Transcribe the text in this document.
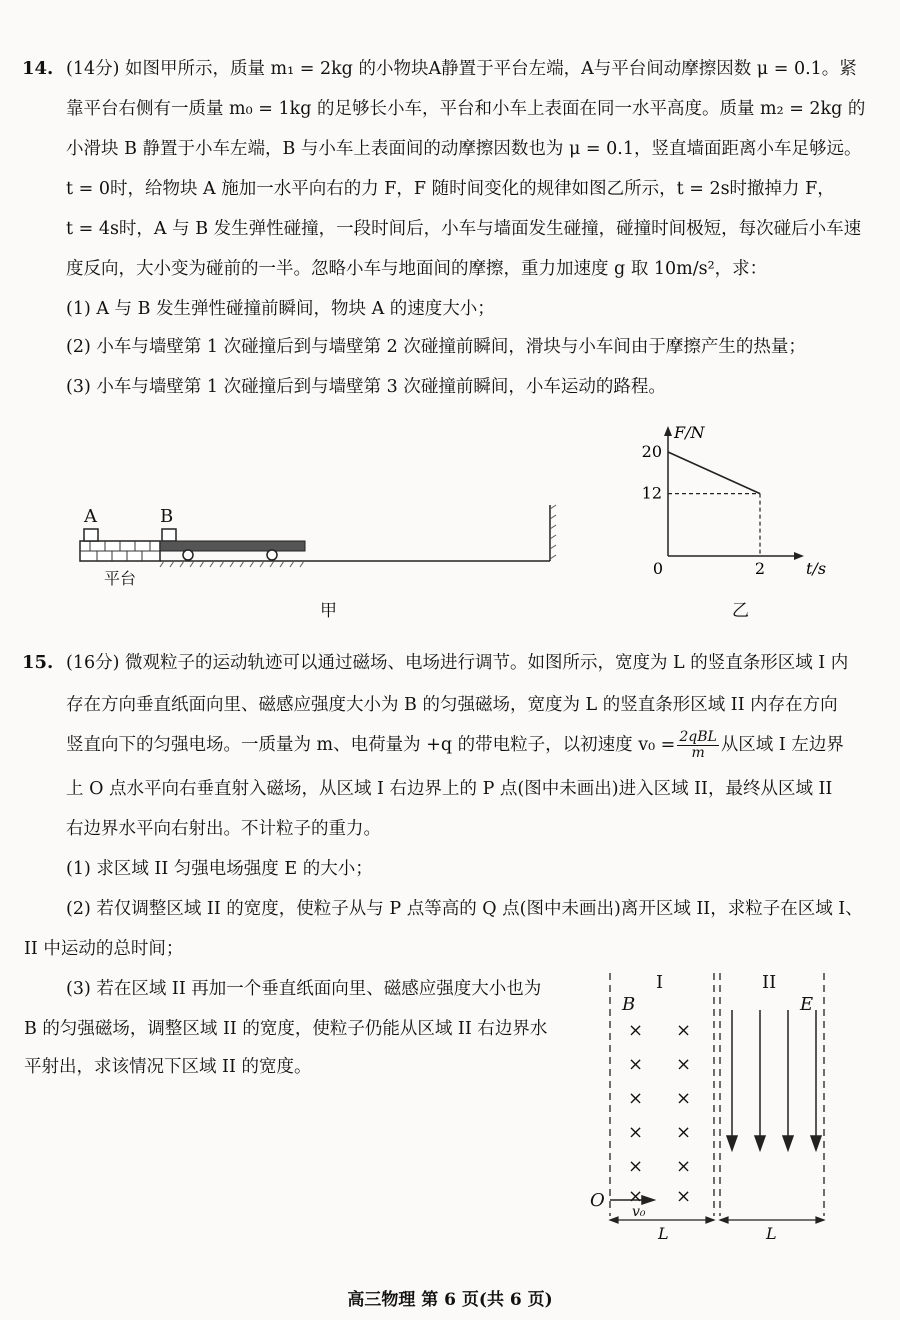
14. (14分) 如图甲所示，质量 m₁ = 2kg 的小物块A静置于平台左端，A与平台间动摩擦因数 μ = 0.1。紧
靠平台右侧有一质量 m₀ = 1kg 的足够长小车，平台和小车上表面在同一水平高度。质量 m₂ = 2kg 的
小滑块 B 静置于小车左端，B 与小车上表面间的动摩擦因数也为 μ = 0.1，竖直墙面距离小车足够远。
t = 0时，给物块 A 施加一水平向右的力 F，F 随时间变化的规律如图乙所示，t = 2s时撤掉力 F，
t = 4s时，A 与 B 发生弹性碰撞，一段时间后，小车与墙面发生碰撞，碰撞时间极短，每次碰后小车速
度反向，大小变为碰前的一半。忽略小车与地面间的摩擦，重力加速度 g 取 10m/s²，求：
(1) A 与 B 发生弹性碰撞前瞬间，物块 A 的速度大小；
(2) 小车与墙壁第 1 次碰撞后到与墙壁第 2 次碰撞前瞬间，滑块与小车间由于摩擦产生的热量；
(3) 小车与墙壁第 1 次碰撞后到与墙壁第 3 次碰撞前瞬间，小车运动的路程。
A	B
平台
甲
20
12
0	2
F/N
t/s
乙
15. (16分) 微观粒子的运动轨迹可以通过磁场、电场进行调节。如图所示，宽度为 L 的竖直条形区域 I 内
存在方向垂直纸面向里、磁感应强度大小为 B 的匀强磁场，宽度为 L 的竖直条形区域 II 内存在方向
竖直向下的匀强电场。一质量为 m、电荷量为 +q 的带电粒子，以初速度 $v_0 = \frac{\text{2qBL}}{m}$ 从区域 I 左边界
上 O 点水平向右垂直射入磁场，从区域 I 右边界上的 P 点(图中未画出)进入区域 II，最终从区域 II
右边界水平向右射出。不计粒子的重力。
(1) 求区域 II 匀强电场强度 E 的大小；
(2) 若仅调整区域 II 的宽度，使粒子从与 P 点等高的 Q 点(图中未画出)离开区域 II，求粒子在区域 I、
II 中运动的总时间；
(3) 若在区域 II 再加一个垂直纸面向里、磁感应强度大小也为
B 的匀强磁场，调整区域 II 的宽度，使粒子仍能从区域 II 右边界水
平射出，求该情况下区域 II 的宽度。
× ×
× ×
× ×
× ×
× ×
× ×
I	II
B	E
O
v₀
L	L
高三物理 第 6 页(共 6 页)
